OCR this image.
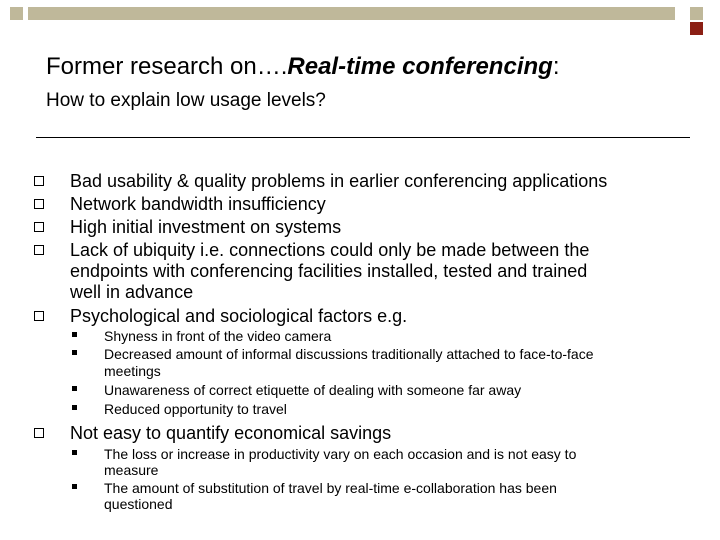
Former research on….Real-time conferencing:
How to explain low usage levels?
Bad usability & quality problems in earlier conferencing applications
Network bandwidth insufficiency
High initial investment on systems
Lack of ubiquity i.e. connections could only be made between the
endpoints with conferencing facilities installed, tested and trained
well in advance
Psychological and sociological factors e.g.
Shyness in front of the video camera
Decreased amount of informal discussions traditionally attached to face-to-face
meetings
Unawareness of correct etiquette of dealing with someone far away
Reduced opportunity to travel
Not easy to quantify economical savings
The loss or increase in productivity vary on each occasion and is not easy to
measure
The amount of substitution of travel by real-time e-collaboration has been
questioned
